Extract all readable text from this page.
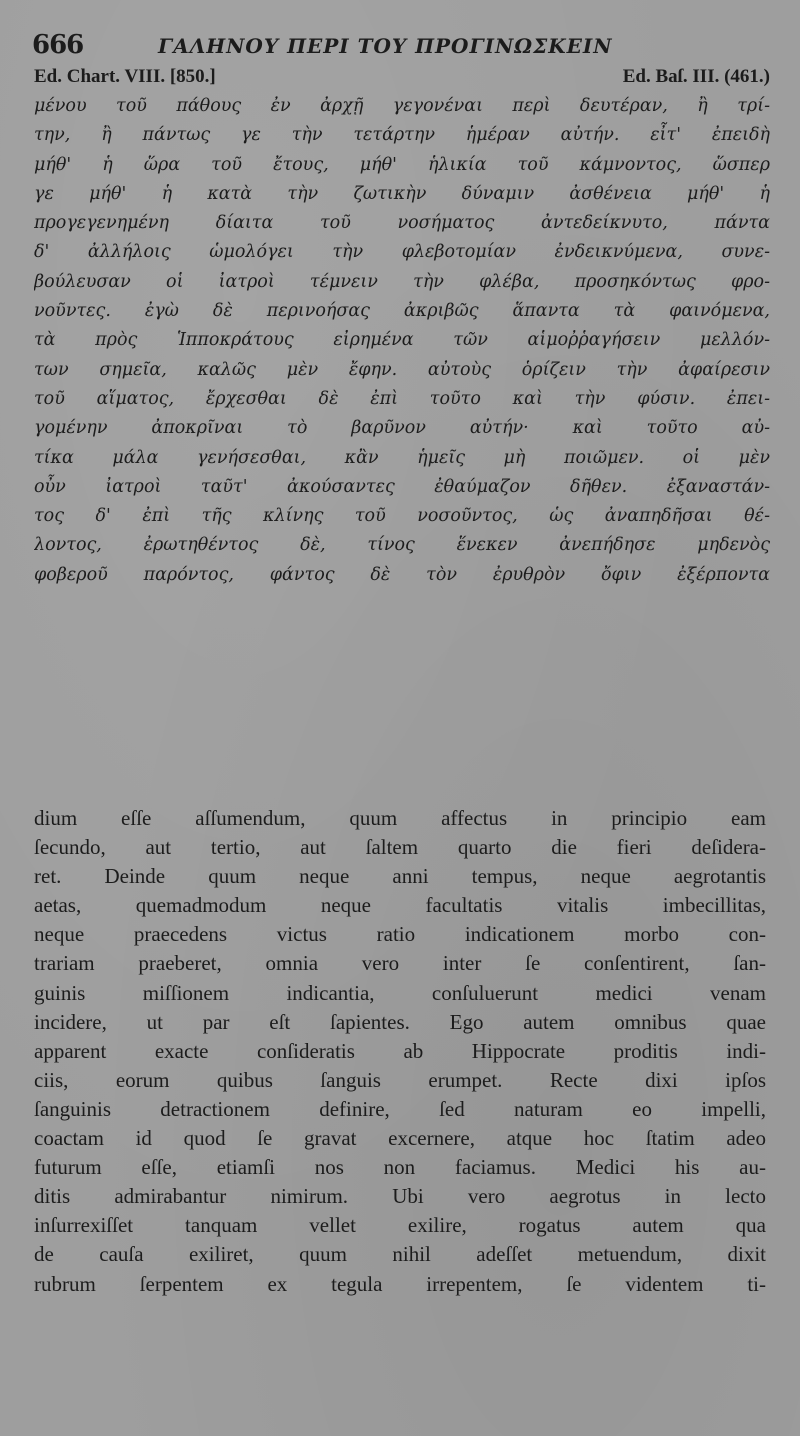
666	ΓΑΛΗΝΟΥ ΠΕΡΙ ΤΟΥ ΠΡΟΓΙΝΩΣΚΕΙΝ
Ed. Chart. VIII. [850.]	Ed. Baſ. III. (461.)
μένου τοῦ πάθους ἐν ἀρχῇ γεγονέναι περὶ δευτέραν, ἢ τρί-
την, ἢ πάντως γε τὴν τετάρτην ἡμέραν αὐτήν. εἶτ' ἐπειδὴ
μήθ' ἡ ὥρα τοῦ ἔτους, μήθ' ἡλικία τοῦ κάμνοντος, ὥσπερ
γε μήθ' ἡ κατὰ τὴν ζωτικὴν δύναμιν ἀσθένεια μήθ' ἡ
προγεγενημένη δίαιτα τοῦ νοσήματος ἀντεδείκνυτο, πάντα
δ' ἀλλήλοις ὡμολόγει τὴν φλεβοτομίαν ἐνδεικνύμενα, συνε-
βούλευσαν οἱ ἰατροὶ τέμνειν τὴν φλέβα, προσηκόντως φρο-
νοῦντες. ἐγὼ δὲ περινοήσας ἀκριβῶς ἅπαντα τὰ φαινόμενα,
τὰ πρὸς Ἱπποκράτους εἰρημένα τῶν αἱμοῤῥαγήσειν μελλόν-
των σημεῖα, καλῶς μὲν ἔφην. αὐτοὺς ὁρίζειν τὴν ἀφαίρεσιν
τοῦ αἵματος, ἔρχεσθαι δὲ ἐπὶ τοῦτο καὶ τὴν φύσιν. ἐπει-
γομένην ἀποκρῖναι τὸ βαρῦνον αὐτήν· καὶ τοῦτο αὐ-
τίκα μάλα γενήσεσθαι, κἂν ἡμεῖς μὴ ποιῶμεν. οἱ μὲν
οὖν ἰατροὶ ταῦτ' ἀκούσαντες ἐθαύμαζον δῆθεν. ἐξαναστάν-
τος δ' ἐπὶ τῆς κλίνης τοῦ νοσοῦντος, ὡς ἀναπηδῆσαι θέ-
λοντος, ἐρωτηθέντος δὲ, τίνος ἕνεκεν ἀνεπήδησε μηδενὸς
φοβεροῦ παρόντος, φάντος δὲ τὸν ἐρυθρὸν ὄφιν ἐξέρποντα
dium eſſe aſſumendum, quum affectus in principio eam
ſecundo, aut tertio, aut ſaltem quarto die fieri deſidera-
ret. Deinde quum neque anni tempus, neque aegrotantis
aetas, quemadmodum neque facultatis vitalis imbecillitas,
neque praecedens victus ratio indicationem morbo con-
trariam praeberet, omnia vero inter ſe conſentirent, ſan-
guinis miſſionem indicantia, conſuluerunt medici venam
incidere, ut par eſt ſapientes. Ego autem omnibus quae
apparent exacte conſideratis ab Hippocrate proditis indi-
ciis, eorum quibus ſanguis erumpet. Recte dixi ipſos
ſanguinis detractionem definire, ſed naturam eo impelli,
coactam id quod ſe gravat excernere, atque hoc ſtatim adeo
futurum eſſe, etiamſi nos non faciamus. Medici his au-
ditis admirabantur nimirum. Ubi vero aegrotus in lecto
inſurrexiſſet tanquam vellet exilire, rogatus autem qua
de cauſa exiliret, quum nihil adeſſet metuendum, dixit
rubrum ſerpentem ex tegula irrepentem, ſe videntem ti-
